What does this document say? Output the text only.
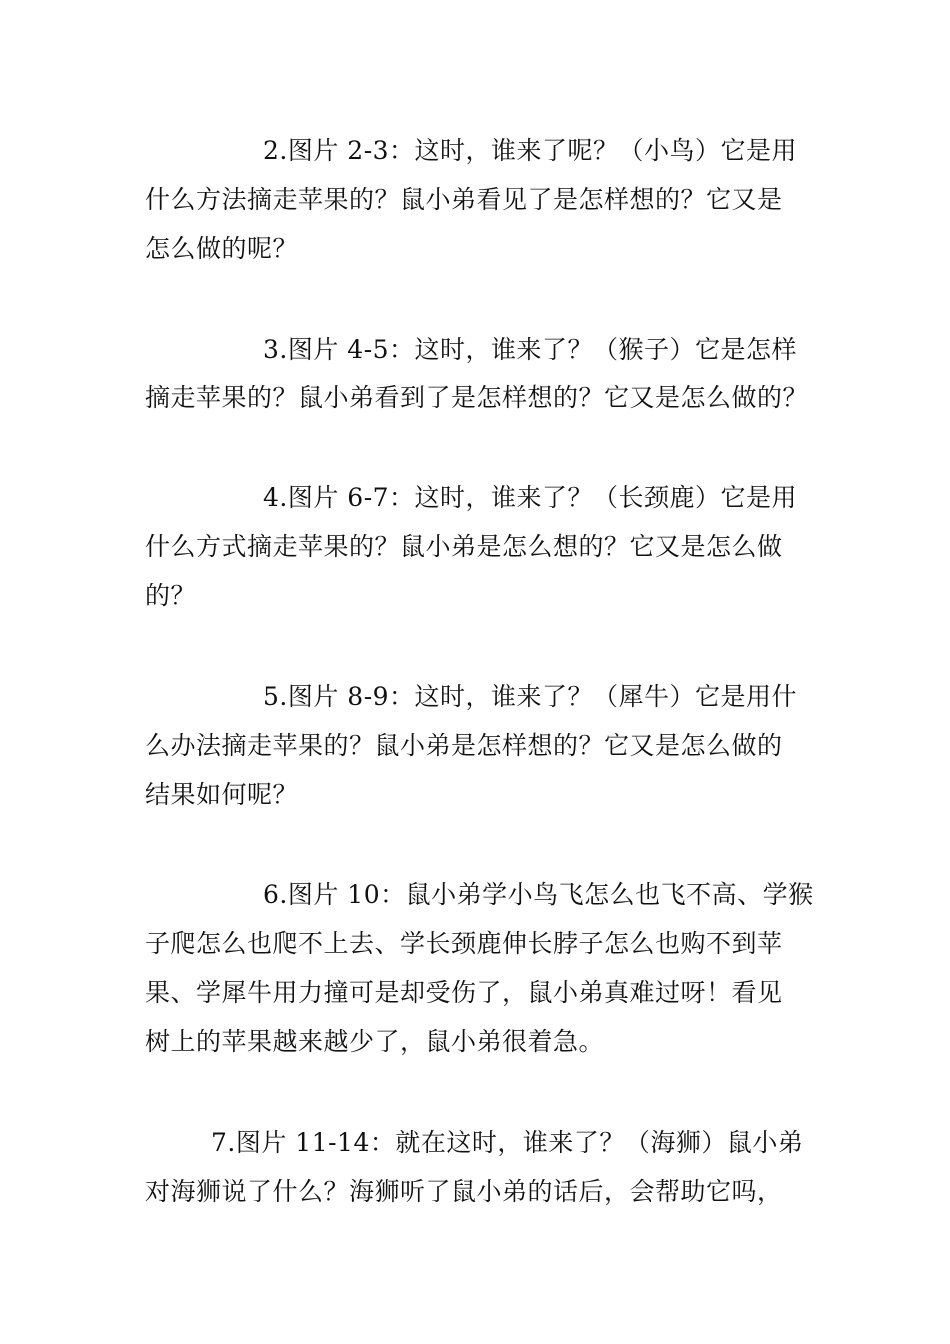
2.图片 2-3：这时，谁来了呢？（小鸟）它是用
什么方法摘走苹果的？鼠小弟看见了是怎样想的？它又是
怎么做的呢？
3.图片 4-5：这时，谁来了？（猴子）它是怎样
摘走苹果的？鼠小弟看到了是怎样想的？它又是怎么做的？
4.图片 6-7：这时，谁来了？（长颈鹿）它是用
什么方式摘走苹果的？鼠小弟是怎么想的？它又是怎么做
的？
5.图片 8-9：这时，谁来了？（犀牛）它是用什
么办法摘走苹果的？鼠小弟是怎样想的？它又是怎么做的
结果如何呢？
6.图片 10：鼠小弟学小鸟飞怎么也飞不高、学猴
子爬怎么也爬不上去、学长颈鹿伸长脖子怎么也购不到苹
果、学犀牛用力撞可是却受伤了，鼠小弟真难过呀！看见
树上的苹果越来越少了，鼠小弟很着急。
7.图片 11-14：就在这时，谁来了？（海狮）鼠小弟
对海狮说了什么？海狮听了鼠小弟的话后，会帮助它吗，
